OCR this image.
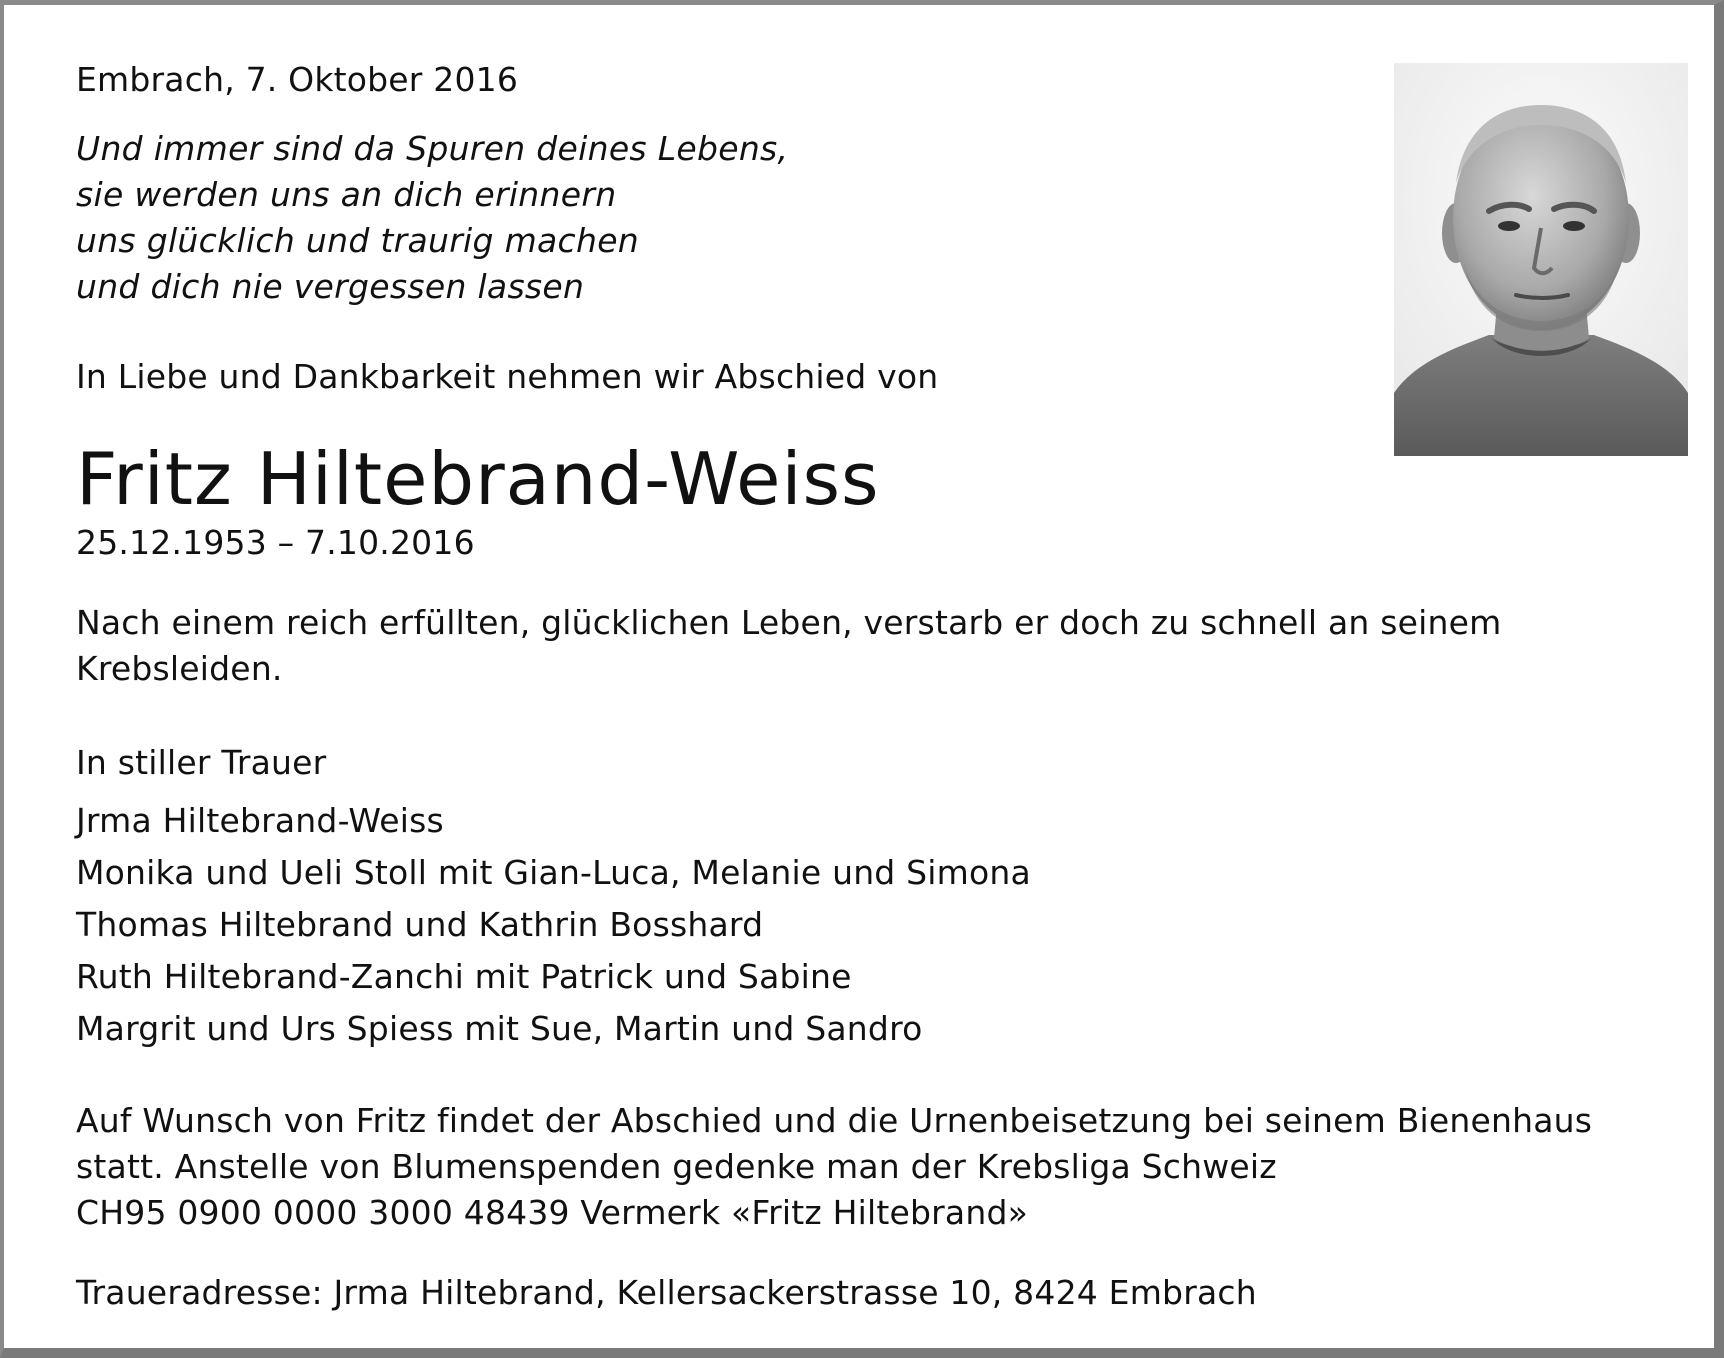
Embrach, 7. Oktober 2016
Und immer sind da Spuren deines Lebens,
sie werden uns an dich erinnern
uns glücklich und traurig machen
und dich nie vergessen lassen
In Liebe und Dankbarkeit nehmen wir Abschied von
Fritz Hiltebrand-Weiss
25.12.1953 – 7.10.2016
Nach einem reich erfüllten, glücklichen Leben, verstarb er doch zu schnell an seinem
Krebsleiden.
In stiller Trauer
Jrma Hiltebrand-Weiss
Monika und Ueli Stoll mit Gian-Luca, Melanie und Simona
Thomas Hiltebrand und Kathrin Bosshard
Ruth Hiltebrand-Zanchi mit Patrick und Sabine
Margrit und Urs Spiess mit Sue, Martin und Sandro
Auf Wunsch von Fritz findet der Abschied und die Urnenbeisetzung bei seinem Bienenhaus
statt. Anstelle von Blumenspenden gedenke man der Krebsliga Schweiz
CH95 0900 0000 3000 48439 Vermerk «Fritz Hiltebrand»
Traueradresse: Jrma Hiltebrand, Kellersackerstrasse 10, 8424 Embrach
